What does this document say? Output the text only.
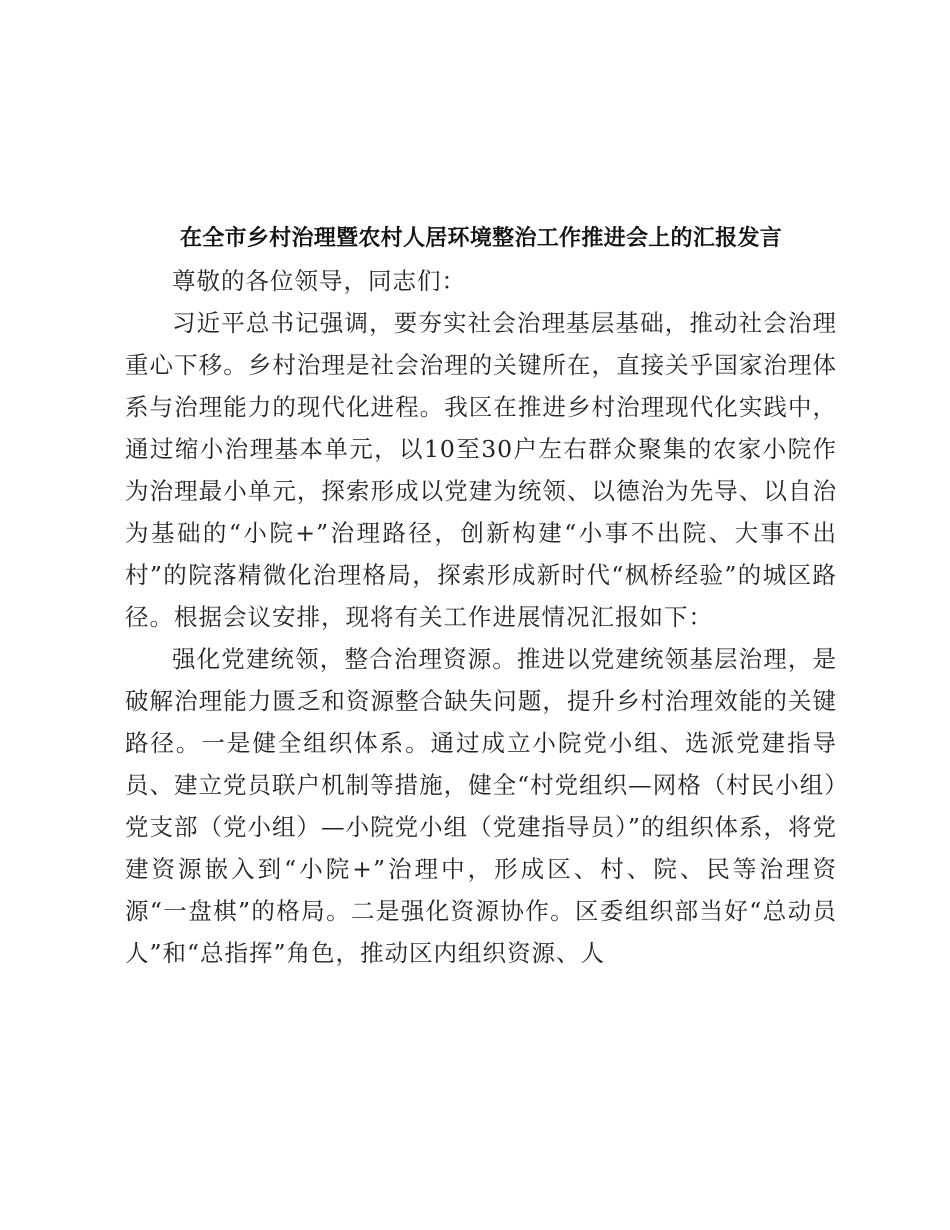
在全市乡村治理暨农村人居环境整治工作推进会上的汇报发言

尊敬的各位领导，同志们：

习近平总书记强调，要夯实社会治理基层基础，推动社会治理重心下移。乡村治理是社会治理的关键所在，直接关乎国家治理体系与治理能力的现代化进程。我区在推进乡村治理现代化实践中，通过缩小治理基本单元，以10至30户左右群众聚集的农家小院作为治理最小单元，探索形成以党建为统领、以德治为先导、以自治为基础的“小院+”治理路径，创新构建“小事不出院、大事不出村”的院落精微化治理格局，探索形成新时代“枫桥经验”的城区路径。根据会议安排，现将有关工作进展情况汇报如下：

强化党建统领，整合治理资源。推进以党建统领基层治理，是破解治理能力匮乏和资源整合缺失问题，提升乡村治理效能的关键路径。一是健全组织体系。通过成立小院党小组、选派党建指导员、建立党员联户机制等措施，健全“村党组织—网格（村民小组）党支部（党小组）—小院党小组（党建指导员）”的组织体系，将党建资源嵌入到“小院+”治理中，形成区、村、院、民等治理资源“一盘棋”的格局。二是强化资源协作。区委组织部当好“总动员人”和“总指挥”角色，推动区内组织资源、人
